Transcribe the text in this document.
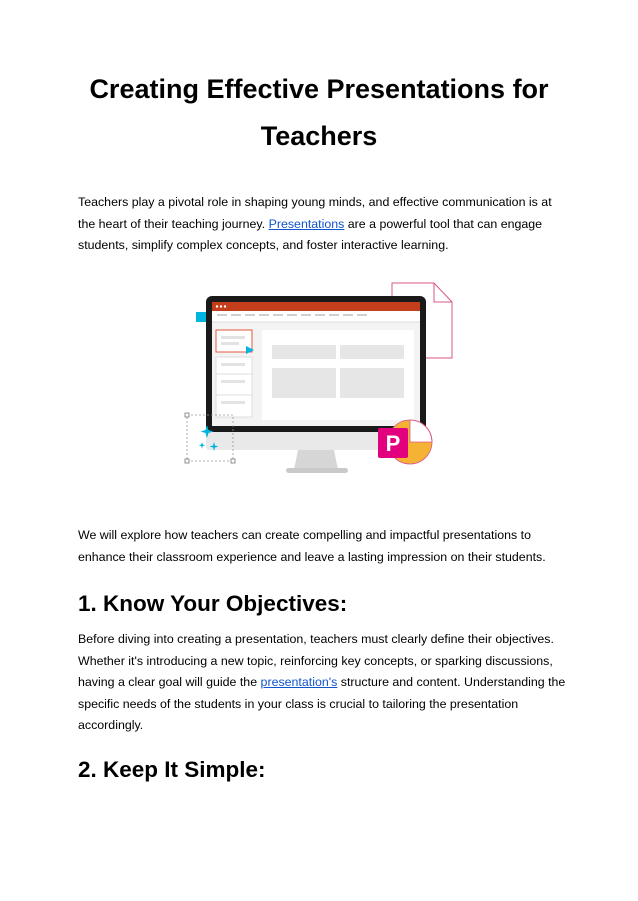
Creating Effective Presentations for Teachers

Teachers play a pivotal role in shaping young minds, and effective communication is at the heart of their teaching journey. Presentations are a powerful tool that can engage students, simplify complex concepts, and foster interactive learning.

P

We will explore how teachers can create compelling and impactful presentations to enhance their classroom experience and leave a lasting impression on their students.

1. Know Your Objectives:

Before diving into creating a presentation, teachers must clearly define their objectives. Whether it's introducing a new topic, reinforcing key concepts, or sparking discussions, having a clear goal will guide the presentation's structure and content. Understanding the specific needs of the students in your class is crucial to tailoring the presentation accordingly.

2. Keep It Simple:
